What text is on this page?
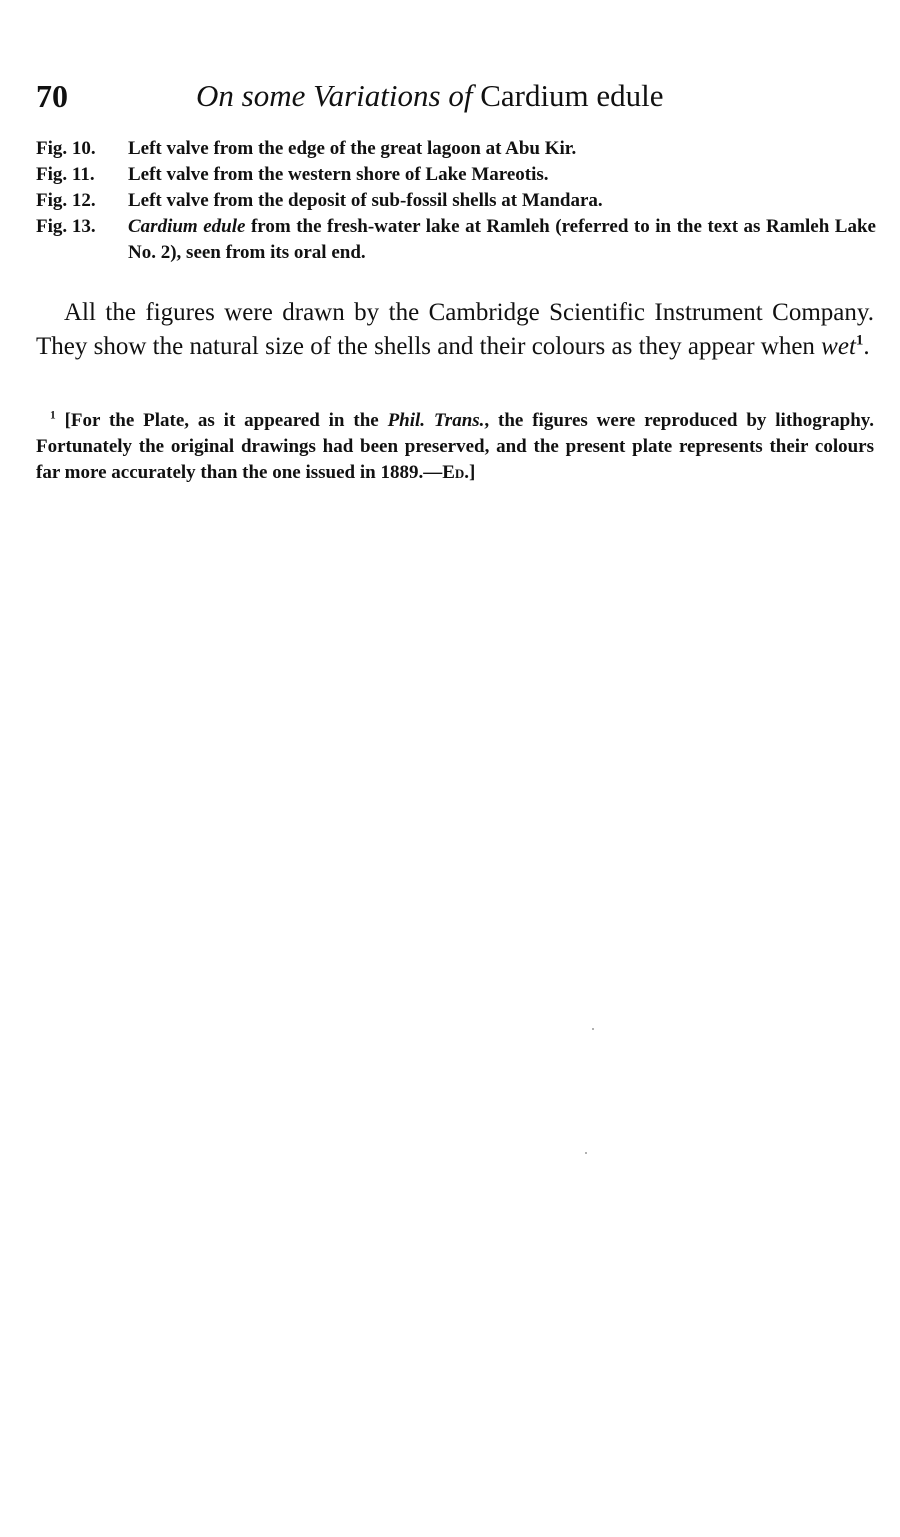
70	On some Variations of Cardium edule
Fig. 10.	Left valve from the edge of the great lagoon at Abu Kir.
Fig. 11.	Left valve from the western shore of Lake Mareotis.
Fig. 12.	Left valve from the deposit of sub-fossil shells at Mandara.
Fig. 13.	Cardium edule from the fresh-water lake at Ramleh (referred to in the text as Ramleh Lake No. 2), seen from its oral end.

All the figures were drawn by the Cambridge Scientific Instrument Company. They show the natural size of the shells and their colours as they appear when wet$^1$.

$^1$ [For the Plate, as it appeared in the Phil. Trans., the figures were reproduced by lithography. Fortunately the original drawings had been preserved, and the present plate represents their colours far more accurately than the one issued in 1889.—Ed.]
